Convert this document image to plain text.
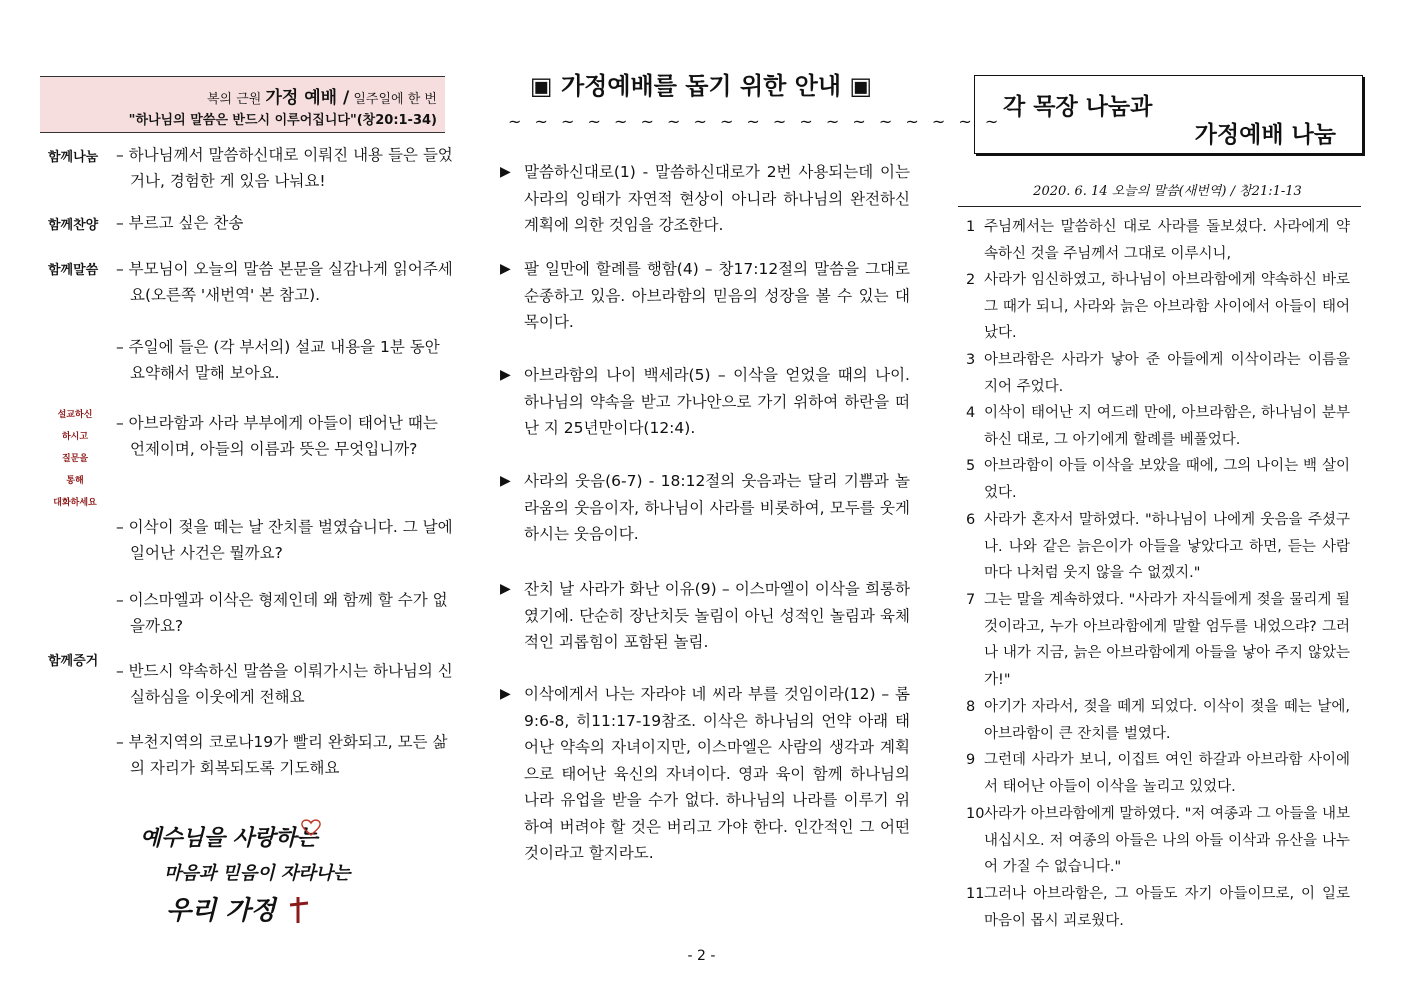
복의 근원 가정 예배 / 일주일에 한 번
"하나님의 말씀은 반드시 이루어집니다"(창20:1-34)
함께나눔 – 하나님께서 말씀하신대로 이뤄진 내용 들은 들었거나, 경험한 게 있음 나눠요!
함께찬양 – 부르고 싶은 찬송
함께말씀 – 부모님이 오늘의 말씀 본문을 실감나게 읽어주세요(오른쪽 '새번역' 본 참고).
– 주일에 들은 (각 부서의) 설교 내용을 1분 동안 요약해서 말해 보아요.
설교하신
하시고
질문을
통해
대화하세요
– 아브라함과 사라 부부에게 아들이 태어난 때는 언제이며, 아들의 이름과 뜻은 무엇입니까?
– 이삭이 젖을 떼는 날 잔치를 벌였습니다. 그 날에 일어난 사건은 뭘까요?
– 이스마엘과 이삭은 형제인데 왜 함께 할 수가 없을까요?
함께증거
– 반드시 약속하신 말씀을 이뤄가시는 하나님의 신실하심을 이웃에게 전해요
– 부천지역의 코로나19가 빨리 완화되고, 모든 삶의 자리가 회복되도록 기도해요
예수님을 사랑하는
마음과 믿음이 자라나는
우리 가정
▣ 가정예배를 돕기 위한 안내 ▣
~ ~ ~ ~ ~ ~ ~ ~ ~ ~ ~ ~ ~ ~ ~ ~ ~ ~ ~
▶ 말씀하신대로(1) - 말씀하신대로가 2번 사용되는데 이는 사라의 잉태가 자연적 현상이 아니라 하나님의 완전하신 계획에 의한 것임을 강조한다.
▶ 팔 일만에 할례를 행함(4) – 창17:12절의 말씀을 그대로 순종하고 있음. 아브라함의 믿음의 성장을 볼 수 있는 대목이다.
▶ 아브라함의 나이 백세라(5) – 이삭을 얻었을 때의 나이. 하나님의 약속을 받고 가나안으로 가기 위하여 하란을 떠난 지 25년만이다(12:4).
▶ 사라의 웃음(6-7) - 18:12절의 웃음과는 달리 기쁨과 놀라움의 웃음이자, 하나님이 사라를 비롯하여, 모두를 웃게 하시는 웃음이다.
▶ 잔치 날 사라가 화난 이유(9) – 이스마엘이 이삭을 희롱하였기에. 단순히 장난치듯 놀림이 아닌 성적인 놀림과 육체적인 괴롭힘이 포함된 놀림.
▶ 이삭에게서 나는 자라야 네 씨라 부를 것임이라(12) – 롬9:6-8, 히11:17-19참조. 이삭은 하나님의 언약 아래 태어난 약속의 자녀이지만, 이스마엘은 사람의 생각과 계획으로 태어난 육신의 자녀이다. 영과 육이 함께 하나님의 나라 유업을 받을 수가 없다. 하나님의 나라를 이루기 위하여 버려야 할 것은 버리고 가야 한다. 인간적인 그 어떤 것이라고 할지라도.
각 목장 나눔과
가정예배 나눔
2020. 6. 14 오늘의 말씀(새번역) / 창21:1-13
1 주님께서는 말씀하신 대로 사라를 돌보셨다. 사라에게 약속하신 것을 주님께서 그대로 이루시니,
2 사라가 임신하였고, 하나님이 아브라함에게 약속하신 바로 그 때가 되니, 사라와 늙은 아브라함 사이에서 아들이 태어났다.
3 아브라함은 사라가 낳아 준 아들에게 이삭이라는 이름을 지어 주었다.
4 이삭이 태어난 지 여드레 만에, 아브라함은, 하나님이 분부하신 대로, 그 아기에게 할례를 베풀었다.
5 아브라함이 아들 이삭을 보았을 때에, 그의 나이는 백 살이었다.
6 사라가 혼자서 말하였다. "하나님이 나에게 웃음을 주셨구나. 나와 같은 늙은이가 아들을 낳았다고 하면, 듣는 사람마다 나처럼 웃지 않을 수 없겠지."
7 그는 말을 계속하였다. "사라가 자식들에게 젖을 물리게 될 것이라고, 누가 아브라함에게 말할 엄두를 내었으랴? 그러나 내가 지금, 늙은 아브라함에게 아들을 낳아 주지 않았는가!"
8 아기가 자라서, 젖을 떼게 되었다. 이삭이 젖을 떼는 날에, 아브라함이 큰 잔치를 벌였다.
9 그런데 사라가 보니, 이집트 여인 하갈과 아브라함 사이에서 태어난 아들이 이삭을 놀리고 있었다.
10 사라가 아브라함에게 말하였다. "저 여종과 그 아들을 내보내십시오. 저 여종의 아들은 나의 아들 이삭과 유산을 나누어 가질 수 없습니다."
11 그러나 아브라함은, 그 아들도 자기 아들이므로, 이 일로 마음이 몹시 괴로웠다.
- 2 -
